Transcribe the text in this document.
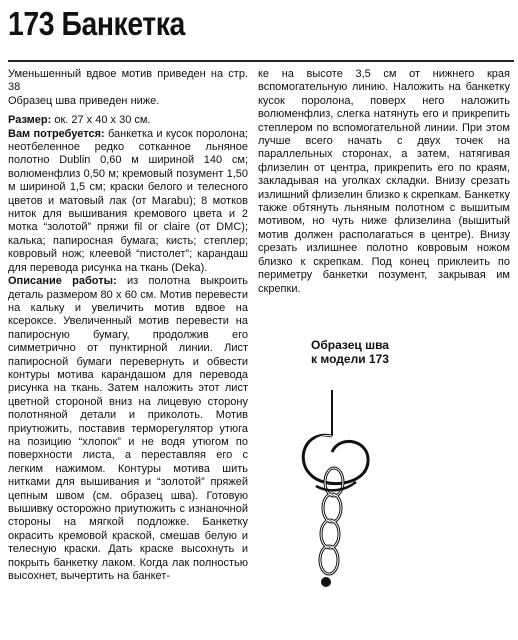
173 Банкетка

Уменьшенный вдвое мотив приведен на стр. 38

Образец шва приведен ниже.

Размер: ок. 27 x 40 x 30 см.

Вам потребуется: банкетка и кусок поролона; неотбеленное редко сотканное льняное полотно Dublin 0,60 м шириной 140 см; волюменфлиз 0,50 м; кремовый позумент 1,50 м шириной 1,5 см; краски белого и телесного цветов и матовый лак (от Marabu); 8 мотков ниток для вышивания кремового цвета и 2 мотка “золотой” пряжи fil or claire (от DMC); калька; папиросная бумага; кисть; степлер; ковровый нож; клеевой “пистолет”; карандаш для перевода рисунка на ткань (Deka).

Описание работы: из полотна выкроить деталь размером 80 x 60 см. Мотив перевести на кальку и увеличить мотив вдвое на ксероксе. Увеличенный мотив перевести на папиросную бумагу, продолжив его симметрично от пунктирной линии. Лист папиросной бумаги перевернуть и обвести контуры мотива карандашом для перевода рисунка на ткань. Затем наложить этот лист цветной стороной вниз на лицевую сторону полотняной детали и приколоть. Мотив приутюжить, поставив терморегулятор утюга на позицию “хлопок” и не водя утюгом по поверхности листа, а переставляя его с легким нажимом. Контуры мотива шить нитками для вышивания и “золотой” пряжей цепным швом (см. образец шва). Готовую вышивку осторожно приутюжить с изнаночной стороны на мягкой подложке. Банкетку окрасить кремовой краской, смешав белую и телесную краски. Дать краске высохнуть и покрыть банкетку лаком. Когда лак полностью высохнет, вычертить на банкет-

ке на высоте 3,5 см от нижнего края вспомогательную линию. Наложить на банкетку кусок поролона, поверх него наложить волюменфлиз, слегка натянуть его и прикрепить степлером по вспомогательной линии. При этом лучше всего начать с двух точек на параллельных сторонах, а затем, натягивая флизелин от центра, прикрепить его по краям, закладывая на уголках складки. Внизу срезать излишний флизелин близко к скрепкам. Банкетку также обтянуть льняным полотном с вышитым мотивом, но чуть ниже флизелина (вышитый мотив должен располагаться в центре). Внизу срезать излишнее полотно ковровым ножом близко к скрепкам. Под конец приклеить по периметру банкетки позумент, закрывая им скрепки.

Образец шва
к модели 173
